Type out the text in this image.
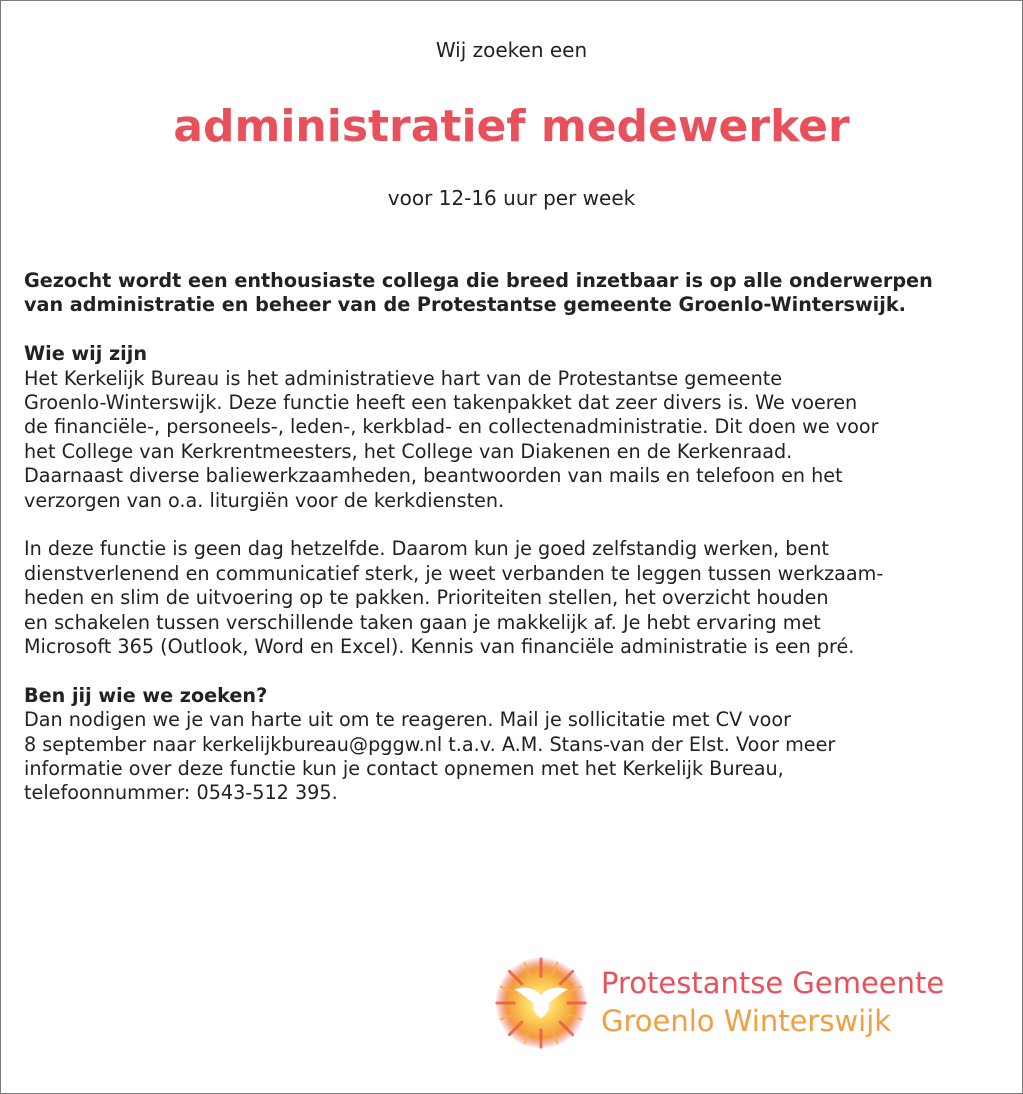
Wij zoeken een
administratief medewerker
voor 12-16 uur per week

Gezocht wordt een enthousiaste collega die breed inzetbaar is op alle onderwerpen

van administratie en beheer van de Protestantse gemeente Groenlo-Winterswijk.

Wie wij zijn

Het Kerkelijk Bureau is het administratieve hart van de Protestantse gemeente

Groenlo-Winterswijk. Deze functie heeft een takenpakket dat zeer divers is. We voeren

de financiële-, personeels-, leden-, kerkblad- en collectenadministratie. Dit doen we voor

het College van Kerkrentmeesters, het College van Diakenen en de Kerkenraad.

Daarnaast diverse baliewerkzaamheden, beantwoorden van mails en telefoon en het

verzorgen van o.a. liturgiën voor de kerkdiensten.

In deze functie is geen dag hetzelfde. Daarom kun je goed zelfstandig werken, bent

dienstverlenend en communicatief sterk, je weet verbanden te leggen tussen werkzaam-

heden en slim de uitvoering op te pakken. Prioriteiten stellen, het overzicht houden

en schakelen tussen verschillende taken gaan je makkelijk af. Je hebt ervaring met

Microsoft 365 (Outlook, Word en Excel). Kennis van financiële administratie is een pré.

Ben jij wie we zoeken?

Dan nodigen we je van harte uit om te reageren. Mail je sollicitatie met CV voor

8 september naar kerkelijkbureau@pggw.nl t.a.v. A.M. Stans-van der Elst. Voor meer

informatie over deze functie kun je contact opnemen met het Kerkelijk Bureau,

telefoonnummer: 0543-512 395.

Protestantse Gemeente
Groenlo Winterswijk
